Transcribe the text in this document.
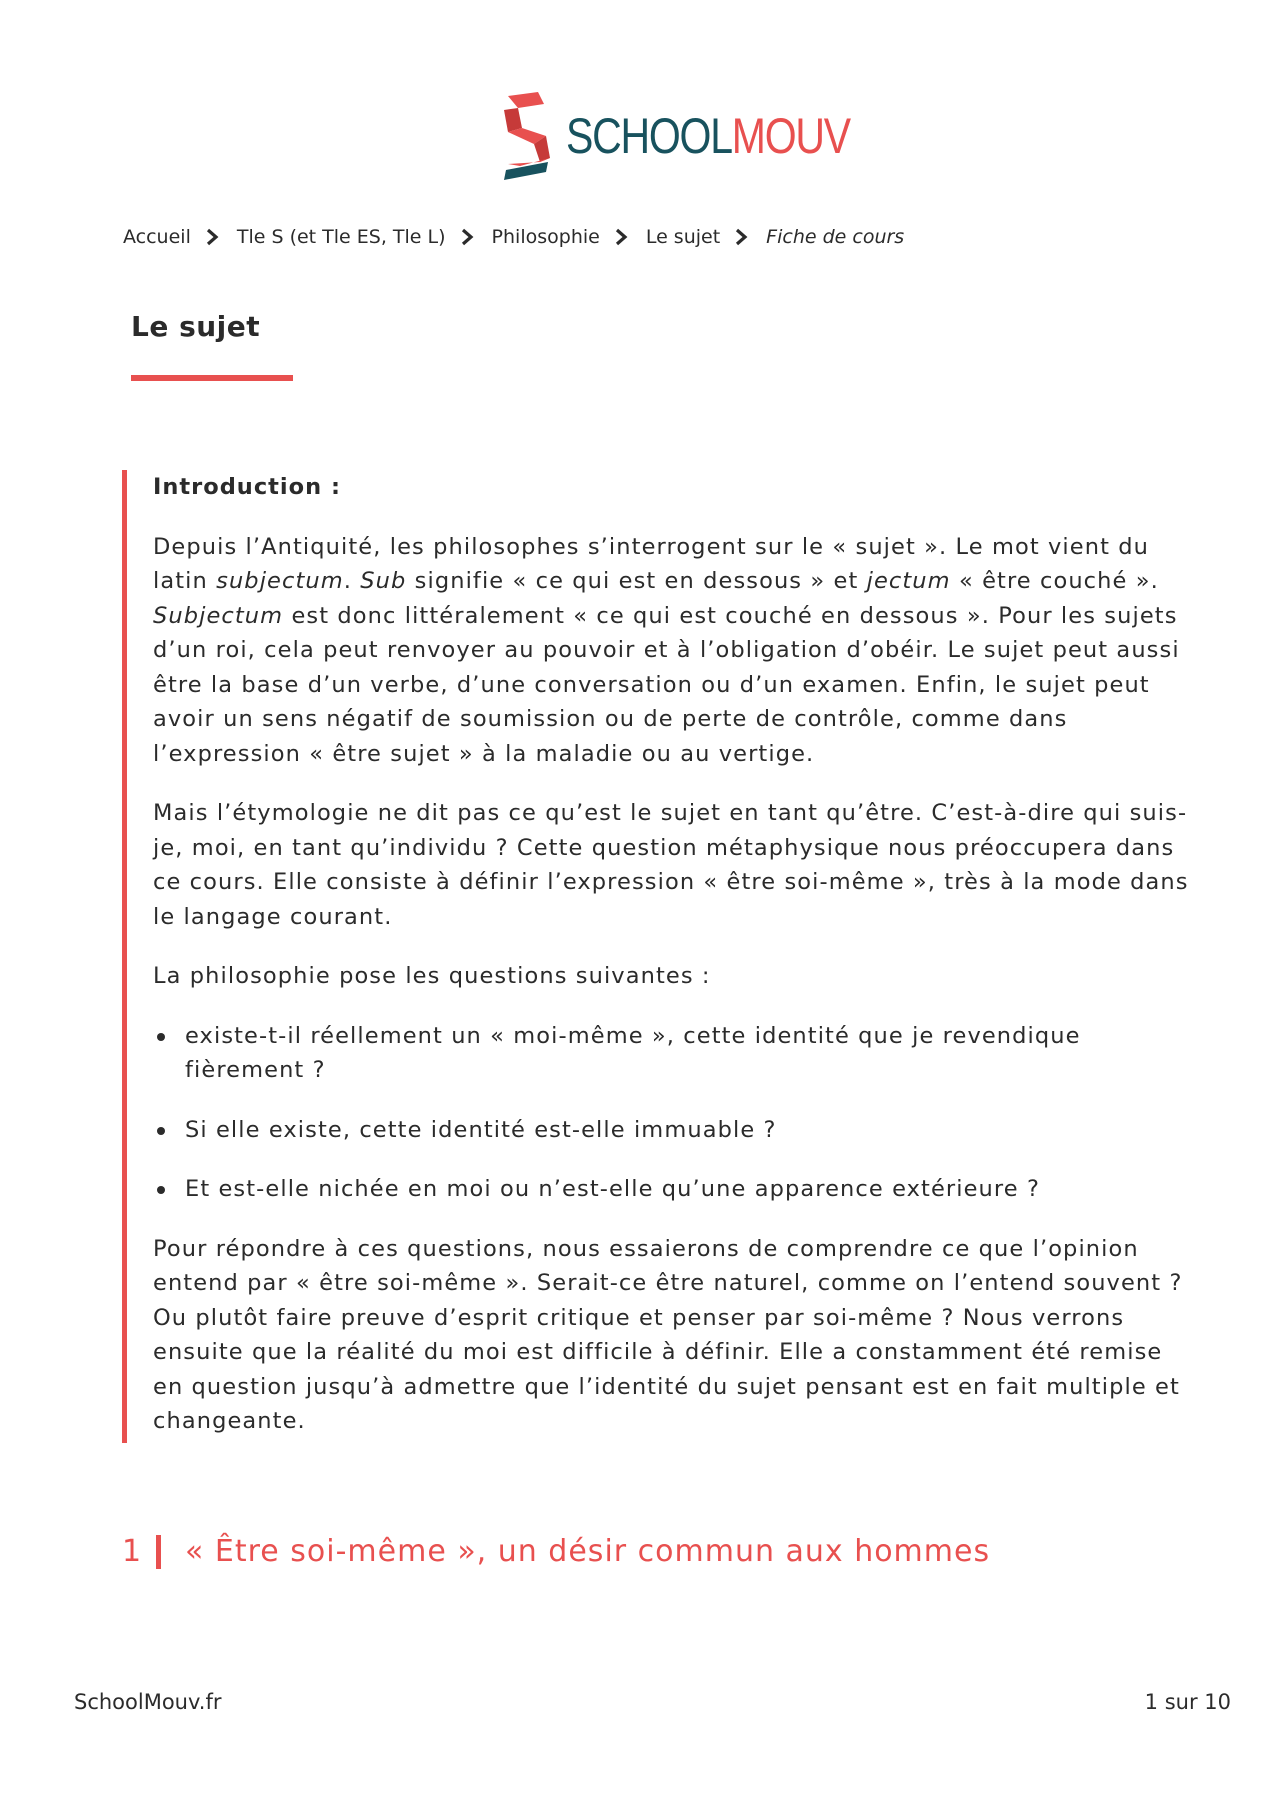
SCHOOLMOUV
Accueil Tle S (et Tle ES, Tle L) Philosophie Le sujet Fiche de cours
Le sujet

Introduction :

Depuis l’Antiquité, les philosophes s’interrogent sur le « sujet ». Le mot vient du latin subjectum. Sub signifie « ce qui est en dessous » et jectum « être couché ». Subjectum est donc littéralement « ce qui est couché en dessous ». Pour les sujets d’un roi, cela peut renvoyer au pouvoir et à l’obligation d’obéir. Le sujet peut aussi être la base d’un verbe, d’une conversation ou d’un examen. Enfin, le sujet peut avoir un sens négatif de soumission ou de perte de contrôle, comme dans l’expression « être sujet » à la maladie ou au vertige.

Mais l’étymologie ne dit pas ce qu’est le sujet en tant qu’être. C’est-à-dire qui suis-je, moi, en tant qu’individu ? Cette question métaphysique nous préoccupera dans ce cours. Elle consiste à définir l’expression « être soi-même », très à la mode dans le langage courant.

La philosophie pose les questions suivantes :

existe-t-il réellement un « moi-même », cette identité que je revendique fièrement ?
Si elle existe, cette identité est-elle immuable ?
Et est-elle nichée en moi ou n’est-elle qu’une apparence extérieure ?

Pour répondre à ces questions, nous essaierons de comprendre ce que l’opinion entend par « être soi-même ». Serait-ce être naturel, comme on l’entend souvent ? Ou plutôt faire preuve d’esprit critique et penser par soi-même ? Nous verrons ensuite que la réalité du moi est difficile à définir. Elle a constamment été remise en question jusqu’à admettre que l’identité du sujet pensant est en fait multiple et changeante.

1 « Être soi-même », un désir commun aux hommes
SchoolMouv.fr	1 sur 10
